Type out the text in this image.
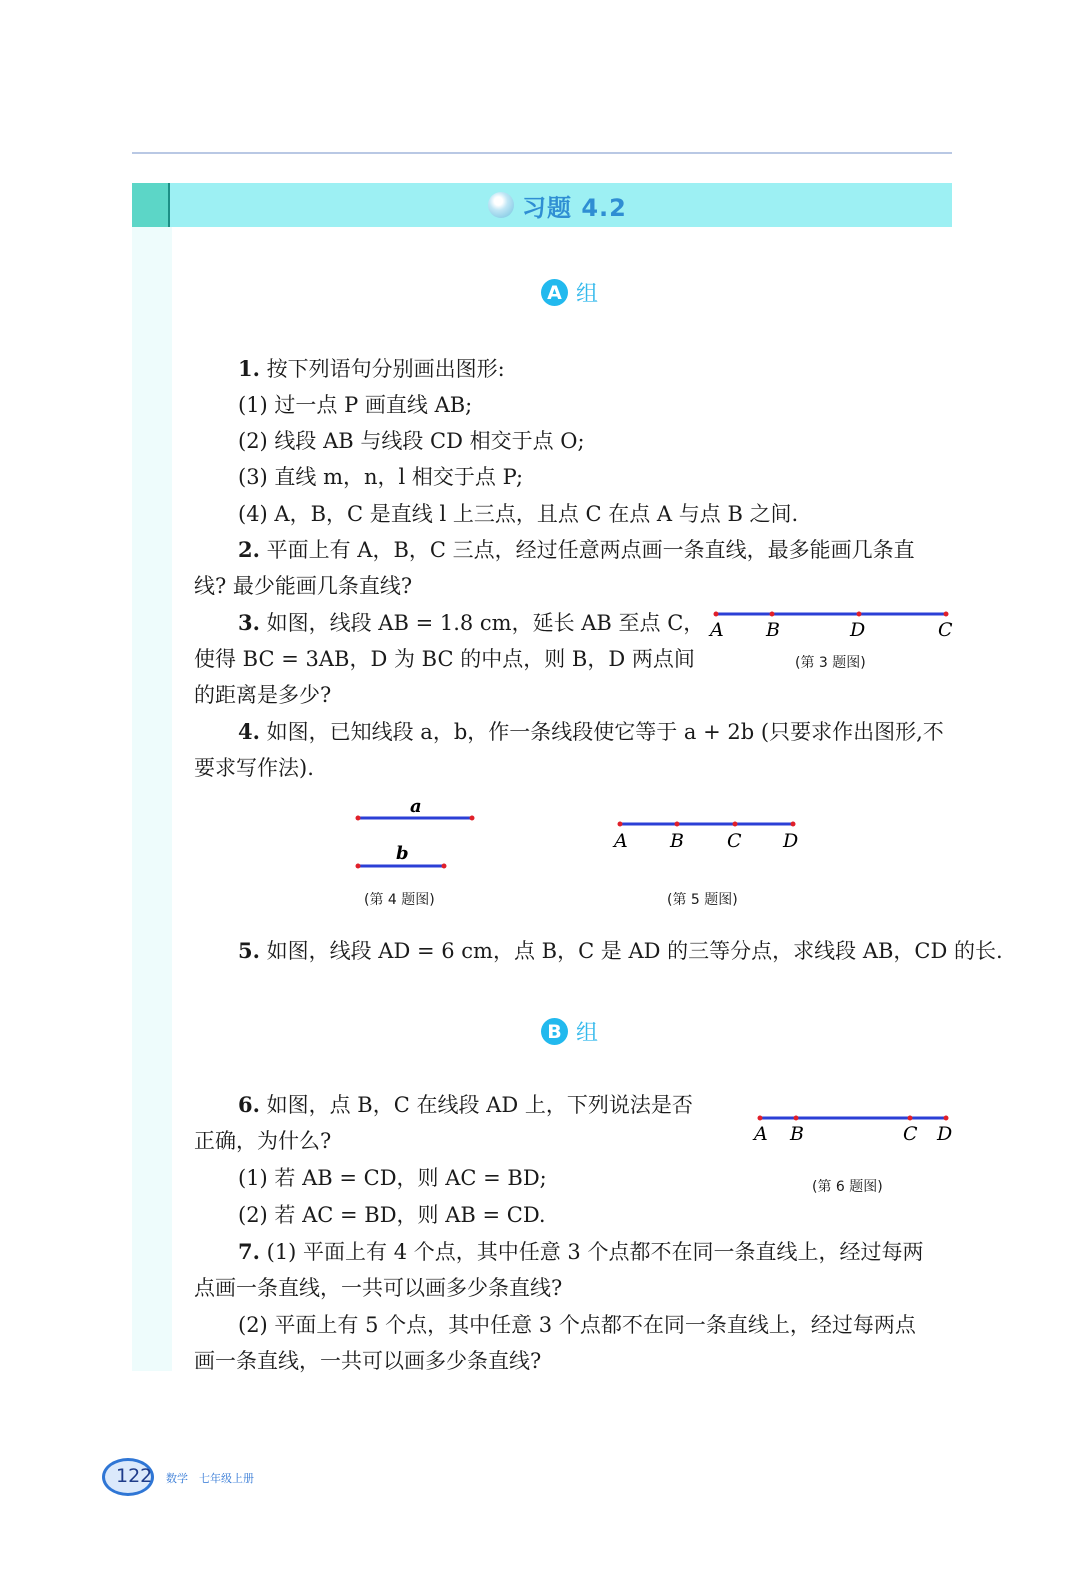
习题 4.2
A 组
1. 按下列语句分别画出图形:
(1) 过一点 P 画直线 AB;
(2) 线段 AB 与线段 CD 相交于点 O;
(3) 直线 m，n，l 相交于点 P;
(4) A，B，C 是直线 l 上三点，且点 C 在点 A 与点 B 之间.
2. 平面上有 A，B，C 三点，经过任意两点画一条直线，最多能画几条直
线? 最少能画几条直线?
3. 如图，线段 AB = 1.8 cm，延长 AB 至点 C，
使得 BC = 3AB，D 为 BC 的中点，则 B，D 两点间
的距离是多少?
A B	D	C
(第 3 题图)
4. 如图，已知线段 a，b，作一条线段使它等于 a + 2b (只要求作出图形,不
要求写作法).
a
b
(第 4 题图)
A B C D
(第 5 题图)
5. 如图，线段 AD = 6 cm，点 B，C 是 AD 的三等分点，求线段 AB，CD 的长.
B 组
6. 如图，点 B，C 在线段 AD 上，下列说法是否
正确，为什么?
(1) 若 AB = CD，则 AC = BD;
(2) 若 AC = BD，则 AB = CD.
A B	C D
(第 6 题图)
7. (1) 平面上有 4 个点，其中任意 3 个点都不在同一条直线上，经过每两
点画一条直线，一共可以画多少条直线?
(2) 平面上有 5 个点，其中任意 3 个点都不在同一条直线上，经过每两点
画一条直线，一共可以画多少条直线?
122 数学　七年级上册
